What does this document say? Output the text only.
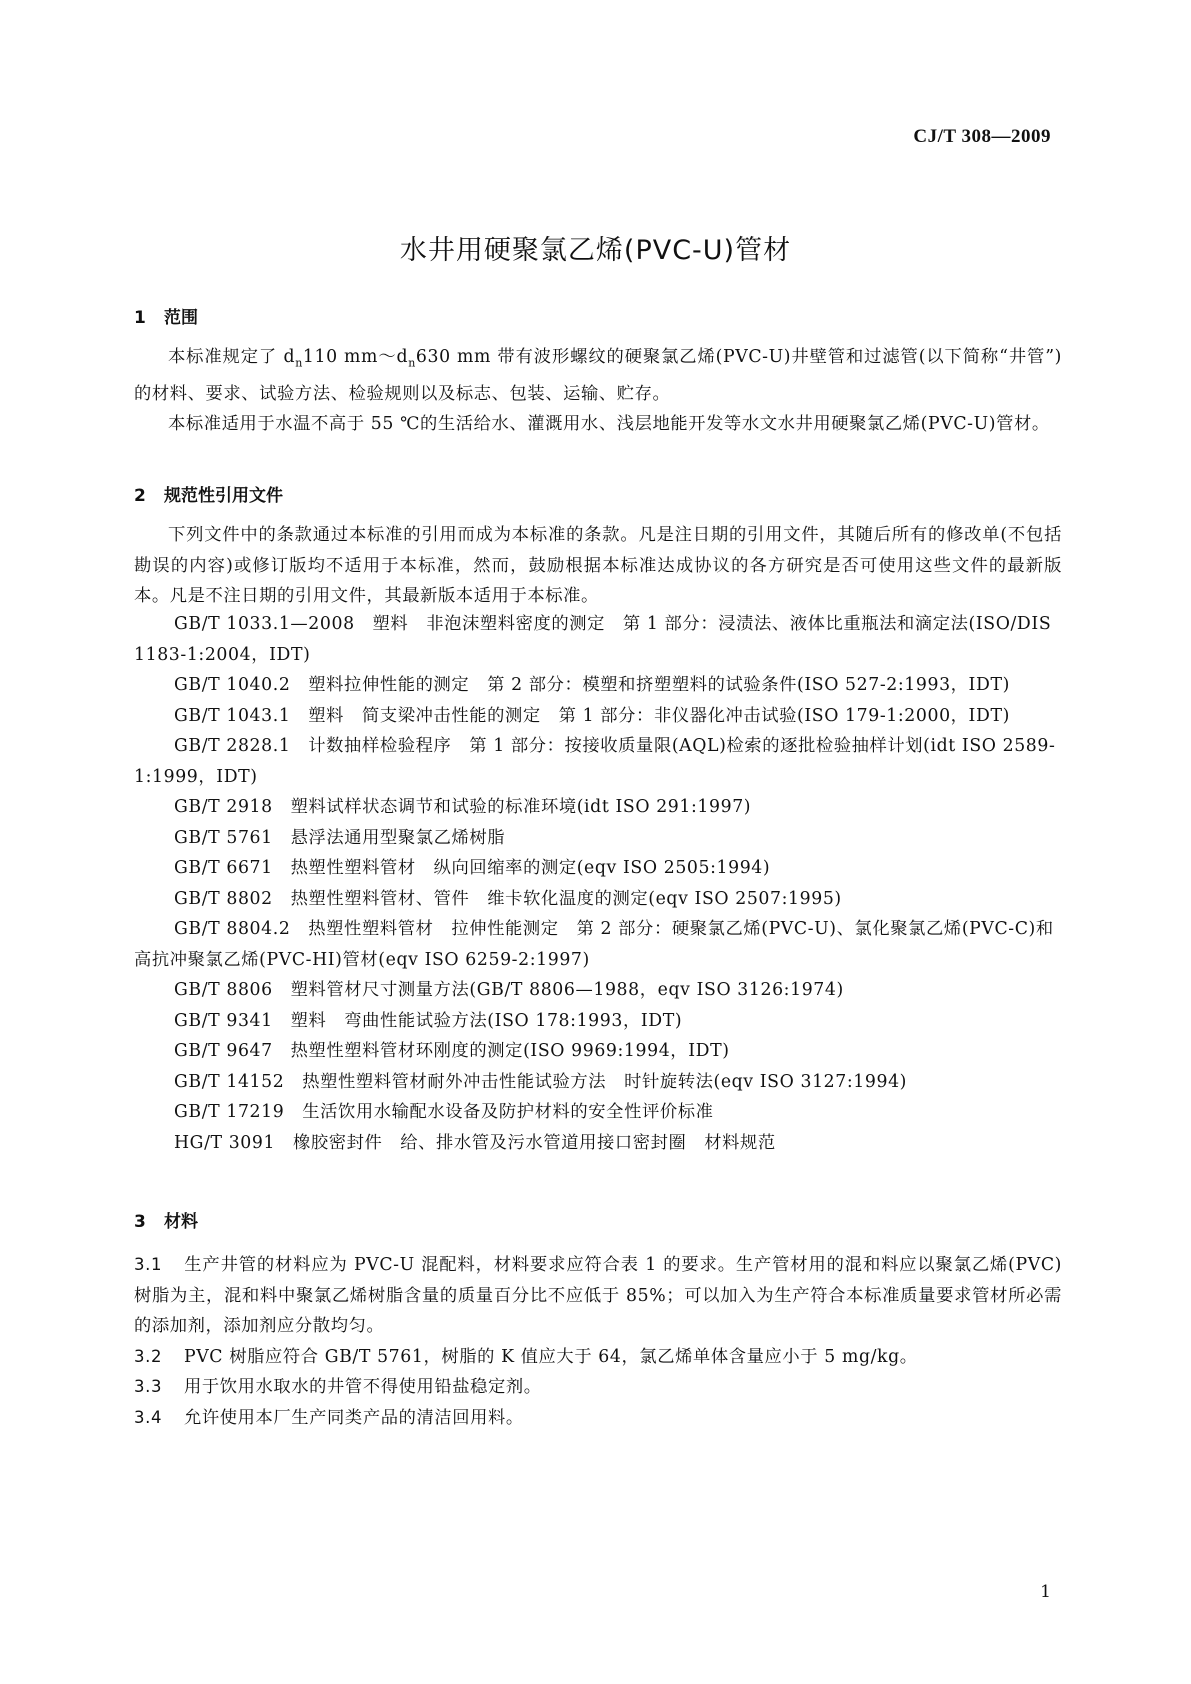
CJ/T 308—2009
水井用硬聚氯乙烯(PVC-U)管材
1 范围
本标准规定了 $d_n110$ $mm\sim d_n630$ mm 带有波形螺纹的硬聚氯乙烯(PVC-U)井壁管和过滤管(以下简称“井管”)的材料、要求、试验方法、检验规则以及标志、包装、运输、贮存。
本标准适用于水温不高于 55 ℃的生活给水、灌溉用水、浅层地能开发等水文水井用硬聚氯乙烯(PVC-U)管材。
2 规范性引用文件
下列文件中的条款通过本标准的引用而成为本标准的条款。凡是注日期的引用文件，其随后所有的修改单(不包括勘误的内容)或修订版均不适用于本标准，然而，鼓励根据本标准达成协议的各方研究是否可使用这些文件的最新版本。凡是不注日期的引用文件，其最新版本适用于本标准。
GB/T 1033.1—2008　塑料　非泡沫塑料密度的测定　第 1 部分：浸渍法、液体比重瓶法和滴定法(ISO/DIS 1183-1:2004，IDT)
GB/T 1040.2　塑料拉伸性能的测定　第 2 部分：模塑和挤塑塑料的试验条件(ISO 527-2:1993，IDT)
GB/T 1043.1　塑料　简支梁冲击性能的测定　第 1 部分：非仪器化冲击试验(ISO 179-1:2000，IDT)
GB/T 2828.1　计数抽样检验程序　第 1 部分：按接收质量限(AQL)检索的逐批检验抽样计划(idt ISO 2589-1:1999，IDT)
GB/T 2918　塑料试样状态调节和试验的标准环境(idt ISO 291:1997)
GB/T 5761　悬浮法通用型聚氯乙烯树脂
GB/T 6671　热塑性塑料管材　纵向回缩率的测定(eqv ISO 2505:1994)
GB/T 8802　热塑性塑料管材、管件　维卡软化温度的测定(eqv ISO 2507:1995)
GB/T 8804.2　热塑性塑料管材　拉伸性能测定　第 2 部分：硬聚氯乙烯(PVC-U)、氯化聚氯乙烯(PVC-C)和高抗冲聚氯乙烯(PVC-HI)管材(eqv ISO 6259-2:1997)
GB/T 8806　塑料管材尺寸测量方法(GB/T 8806—1988，eqv ISO 3126:1974)
GB/T 9341　塑料　弯曲性能试验方法(ISO 178:1993，IDT)
GB/T 9647　热塑性塑料管材环刚度的测定(ISO 9969:1994，IDT)
GB/T 14152　热塑性塑料管材耐外冲击性能试验方法　时针旋转法(eqv ISO 3127:1994)
GB/T 17219　生活饮用水输配水设备及防护材料的安全性评价标准
HG/T 3091　橡胶密封件　给、排水管及污水管道用接口密封圈　材料规范
3 材料
3.1 生产井管的材料应为 PVC-U 混配料，材料要求应符合表 1 的要求。生产管材用的混和料应以聚氯乙烯(PVC)树脂为主，混和料中聚氯乙烯树脂含量的质量百分比不应低于 85%；可以加入为生产符合本标准质量要求管材所必需的添加剂，添加剂应分散均匀。
3.2 PVC 树脂应符合 GB/T 5761，树脂的 K 值应大于 64，氯乙烯单体含量应小于 5 mg/kg。
3.3 用于饮用水取水的井管不得使用铅盐稳定剂。
3.4 允许使用本厂生产同类产品的清洁回用料。
1
